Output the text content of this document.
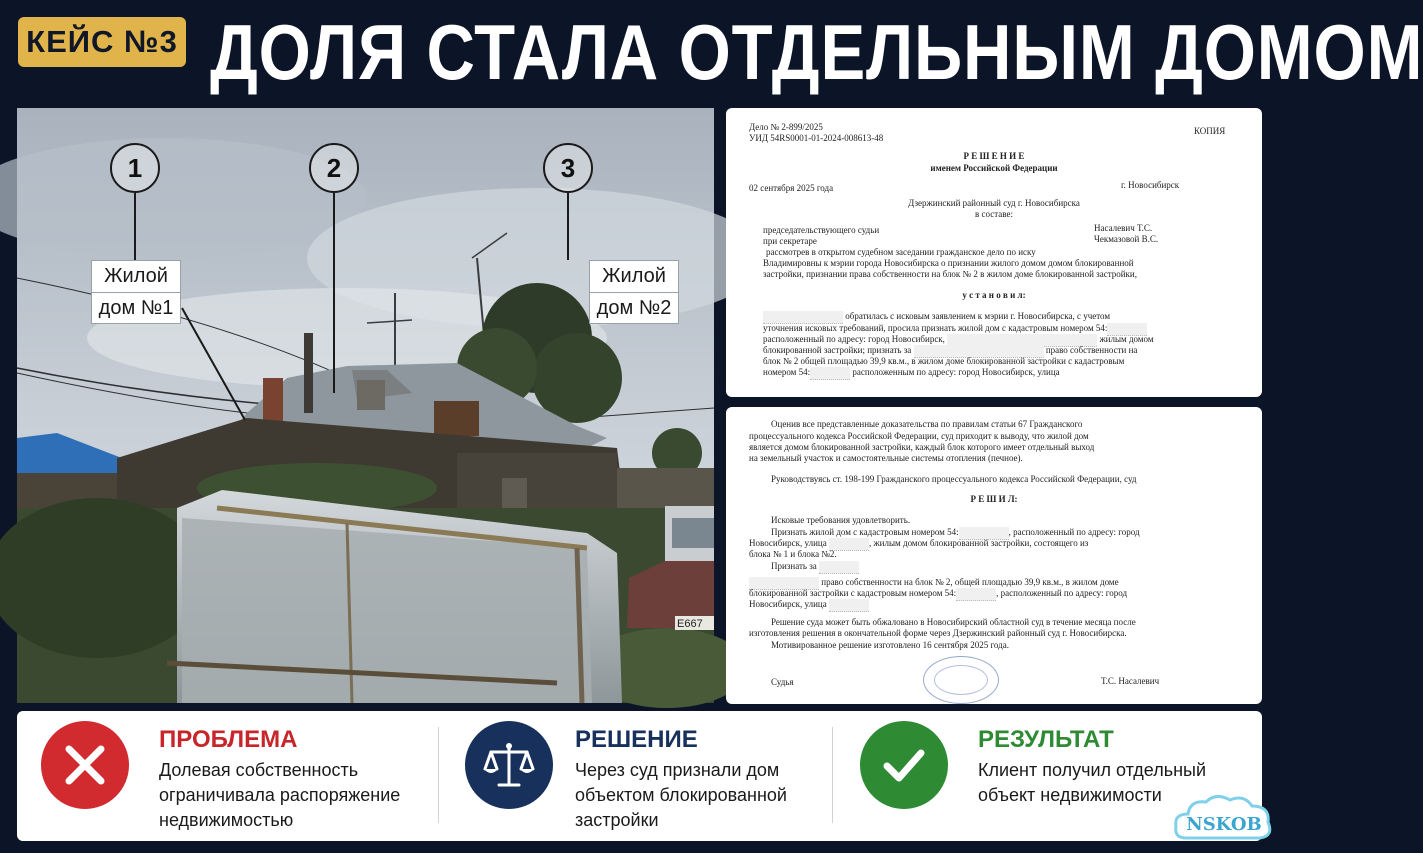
КЕЙС №3 ДОЛЯ СТАЛА ОТДЕЛЬНЫМ ДОМОМ
Е667
1	2	3
Жилой
дом №1
Жилой
дом №2
Дело № 2-899/2025
УИД 54RS0001-01-2024-008613-48
КОПИЯ
Р Е Ш Е Н И Е
именем Российской Федерации
02 сентября 2025 года	г. Новосибирск
Дзержинский районный суд г. Новосибирска
в составе:
председательствующего судьи	Насалевич Т.С.
при секретаре	Чекмазовой В.С.
рассмотрев в открытом судебном заседании гражданское дело по иску
Владимировны к мэрии города Новосибирска о признании жилого домом домом блокированной
застройки, признании права собственности на блок № 2 в жилом доме блокированной застройки,
у с т а н о в и л:
обратилась с исковым заявлением к мэрии г. Новосибирска, с учетом
уточнения исковых требований, просила признать жилой дом с кадастровым номером 54:
расположенный по адресу: город Новосибирск,	жилым домом
блокированной застройки; признать за	право собственности на
блок № 2 общей площадью 39,9 кв.м., в жилом доме блокированной застройки с кадастровым
номером 54:	расположенным по адресу: город Новосибирск, улица
Оценив все представленные доказательства по правилам статьи 67 Гражданского
процессуального кодекса Российской Федерации, суд приходит к выводу, что жилой дом
является домом блокированной застройки, каждый блок которого имеет отдельный выход
на земельный участок и самостоятельные системы отопления (печное).
Руководствуясь ст. 198-199 Гражданского процессуального кодекса Российской Федерации, суд
Р Е Ш И Л:
Исковые требования удовлетворить.
Признать жилой дом с кадастровым номером 54:	, расположенный по адресу: город
Новосибирск, улица	, жилым домом блокированной застройки, состоящего из
блока № 1 и блока №2.
Признать за
право собственности на блок № 2, общей площадью 39,9 кв.м., в жилом доме
блокированной застройки с кадастровым номером 54:	, расположенный по адресу: город
Новосибирск, улица
Решение суда может быть обжаловано в Новосибирский областной суд в течение месяца после
изготовления решения в окончательной форме через Дзержинский районный суд г. Новосибирска.
Мотивированное решение изготовлено 16 сентября 2025 года.
Судья	Т.С. Насалевич
ПРОБЛЕМА
Долевая собственность
ограничивала распоряжение
недвижимостью
РЕШЕНИЕ
Через суд признали дом
объектом блокированной
застройки
РЕЗУЛЬТАТ
Клиент получил отдельный
объект недвижимости
NSKOB
